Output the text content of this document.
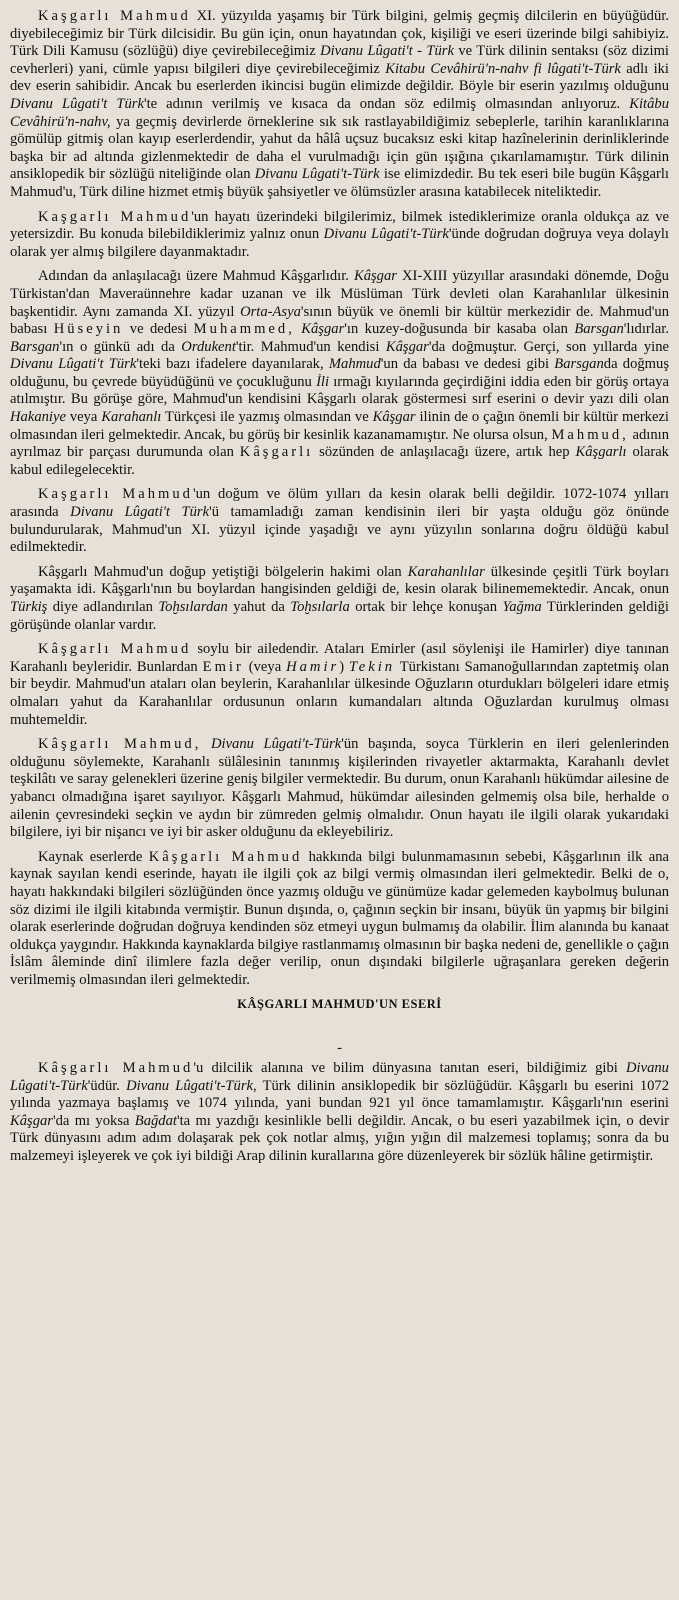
Kaşgarlı Mahmud XI. yüzyılda yaşamış bir Türk bilgini, gelmiş geçmiş dilcilerin en büyüğüdür. diyebileceğimiz bir Türk dilcisidir. Bu gün için, onun hayatından çok, kişiliği ve eseri üzerinde bilgi sahibiyiz. Türk Dili Kamusu (sözlüğü) diye çevirebileceğimiz Divanu Lûgati't - Türk ve Türk dilinin sentaksı (söz dizimi cevherleri) yani, cümle yapısı bilgileri diye çevirebileceğimiz Kitabu Cevâhirü'n-nahv fi lûgati't-Türk adlı iki dev eserin sahibidir. Ancak bu eserlerden ikincisi bugün elimizde değildir. Böyle bir eserin yazılmış olduğunu Divanu Lûgati't Türk'te adının verilmiş ve kısaca da ondan söz edilmiş olmasından anlıyoruz. Kitâbu Cevâhirü'n-nahv, ya geçmiş devirlerde örneklerine sık sık rastlayabildiğimiz sebeplerle, tarihin karanlıklarına gömülüp gitmiş olan kayıp eserlerdendir, yahut da hâlâ uçsuz bucaksız eski kitap hazînelerinin derinliklerinde başka bir ad altında gizlenmektedir de daha el vurulmadığı için gün ışığına çıkarılamamıştır. Türk dilinin ansiklopedik bir sözlüğü niteliğinde olan Divanu Lûgati't-Türk ise elimizdedir. Bu tek eseri bile bugün Kâşgarlı Mahmud'u, Türk diline hizmet etmiş büyük şahsiyetler ve ölümsüzler arasına katabilecek niteliktedir.

Kaşgarlı Mahmud'un hayatı üzerindeki bilgilerimiz, bilmek istediklerimize oranla oldukça az ve yetersizdir. Bu konuda bilebildiklerimiz yalnız onun Divanu Lûgati't-Türk'ünde doğrudan doğruya veya dolaylı olarak yer almış bilgilere dayanmaktadır.

Adından da anlaşılacağı üzere Mahmud Kâşgarlıdır. Kâşgar XI-XIII yüzyıllar arasındaki dönemde, Doğu Türkistan'dan Maveraünnehre kadar uzanan ve ilk Müslüman Türk devleti olan Karahanlılar ülkesinin başkentidir. Aynı zamanda XI. yüzyıl Orta-Asya'sının büyük ve önemli bir kültür merkezidir de. Mahmud'un babası Hüseyin ve dedesi Muhammed, Kâşgar'ın kuzey-doğusunda bir kasaba olan Barsgan'lıdırlar. Barsgan'ın o günkü adı da Ordukent'tir. Mahmud'un kendisi Kâşgar'da doğmuştur. Gerçi, son yıllarda yine Divanu Lûgati't Türk'teki bazı ifadelere dayanılarak, Mahmud'un da babası ve dedesi gibi Barsganda doğmuş olduğunu, bu çevrede büyüdüğünü ve çocukluğunu İli ırmağı kıyılarında geçirdiğini iddia eden bir görüş ortaya atılmıştır. Bu görüşe göre, Mahmud'un kendisini Kâşgarlı olarak göstermesi sırf eserini o devir yazı dili olan Hakaniye veya Karahanlı Türkçesi ile yazmış olmasından ve Kâşgar ilinin de o çağın önemli bir kültür merkezi olmasından ileri gelmektedir. Ancak, bu görüş bir kesinlik kazanamamıştır. Ne olursa olsun, Mahmud, adının ayrılmaz bir parçası durumunda olan Kâşgarlı sözünden de anlaşılacağı üzere, artık hep Kâşgarlı olarak kabul edilegelecektir.

Kaşgarlı Mahmud'un doğum ve ölüm yılları da kesin olarak belli değildir. 1072-1074 yılları arasında Divanu Lûgati't Türk'ü tamamladığı zaman kendisinin ileri bir yaşta olduğu göz önünde bulundurularak, Mahmud'un XI. yüzyıl içinde yaşadığı ve aynı yüzyılın sonlarına doğru öldüğü kabul edilmektedir.

Kâşgarlı Mahmud'un doğup yetiştiği bölgelerin hakimi olan Karahanlılar ülkesinde çeşitli Türk boyları yaşamakta idi. Kâşgarlı'nın bu boylardan hangisinden geldiği de, kesin olarak bilinememektedir. Ancak, onun Türkiş diye adlandırılan Toḫsılardan yahut da Toḫsılarla ortak bir lehçe konuşan Yağma Türklerinden geldiği görüşünde olanlar vardır.

Kâşgarlı Mahmud soylu bir ailedendir. Ataları Emirler (asıl söylenişi ile Hamirler) diye tanınan Karahanlı beyleridir. Bunlardan Emir (veya Hamir) Tekin Türkistanı Samanoğullarından zaptetmiş olan bir beydir. Mahmud'un ataları olan beylerin, Karahanlılar ülkesinde Oğuzların oturdukları bölgeleri idare etmiş olmaları yahut da Karahanlılar ordusunun onların kumandaları altında Oğuzlardan kurulmuş olması muhtemeldir.

Kâşgarlı Mahmud, Divanu Lûgati't-Türk'ün başında, soyca Türklerin en ileri gelenlerinden olduğunu söylemekte, Karahanlı sülâlesinin tanınmış kişilerinden rivayetler aktarmakta, Karahanlı devlet teşkilâtı ve saray gelenekleri üzerine geniş bilgiler vermektedir. Bu durum, onun Karahanlı hükümdar ailesine de yabancı olmadığına işaret sayılıyor. Kâşgarlı Mahmud, hükümdar ailesinden gelmemiş olsa bile, herhalde o ailenin çevresindeki seçkin ve aydın bir zümreden gelmiş olmalıdır. Onun hayatı ile ilgili olarak yukarıdaki bilgilere, iyi bir nişancı ve iyi bir asker olduğunu da ekleyebiliriz.

Kaynak eserlerde Kâşgarlı Mahmud hakkında bilgi bulunmamasının sebebi, Kâşgarlının ilk ana kaynak sayılan kendi eserinde, hayatı ile ilgili çok az bilgi vermiş olmasından ileri gelmektedir. Belki de o, hayatı hakkındaki bilgileri sözlüğünden önce yazmış olduğu ve günümüze kadar gelemeden kaybolmuş bulunan söz dizimi ile ilgili kitabında vermiştir. Bunun dışında, o, çağının seçkin bir insanı, büyük ün yapmış bir bilgini olarak eserlerinde doğrudan doğruya kendinden söz etmeyi uygun bulmamış da olabilir. İlim alanında bu kanaat oldukça yaygındır. Hakkında kaynaklarda bilgiye rastlanmamış olmasının bir başka nedeni de, genellikle o çağın İslâm âleminde dinî ilimlere fazla değer verilip, onun dışındaki bilgilerle uğraşanlara gereken değerin verilmemiş olmasından ileri gelmektedir.

KÂŞGARLI MAHMUD'UN ESERİ
-

Kâşgarlı Mahmud'u dilcilik alanına ve bilim dünyasına tanıtan eseri, bildiğimiz gibi Divanu Lûgati't-Türk'üdür. Divanu Lûgati't-Türk, Türk dilinin ansiklopedik bir sözlüğüdür. Kâşgarlı bu eserini 1072 yılında yazmaya başlamış ve 1074 yılında, yani bundan 921 yıl önce tamamlamıştır. Kâşgarlı'nın eserini Kâşgar'da mı yoksa Bağdat'ta mı yazdığı kesinlikle belli değildir. Ancak, o bu eseri yazabilmek için, o devir Türk dünyasını adım adım dolaşarak pek çok notlar almış, yığın yığın dil malzemesi toplamış; sonra da bu malzemeyi işleyerek ve çok iyi bildiği Arap dilinin kurallarına göre düzenleyerek bir sözlük hâline getirmiştir.
